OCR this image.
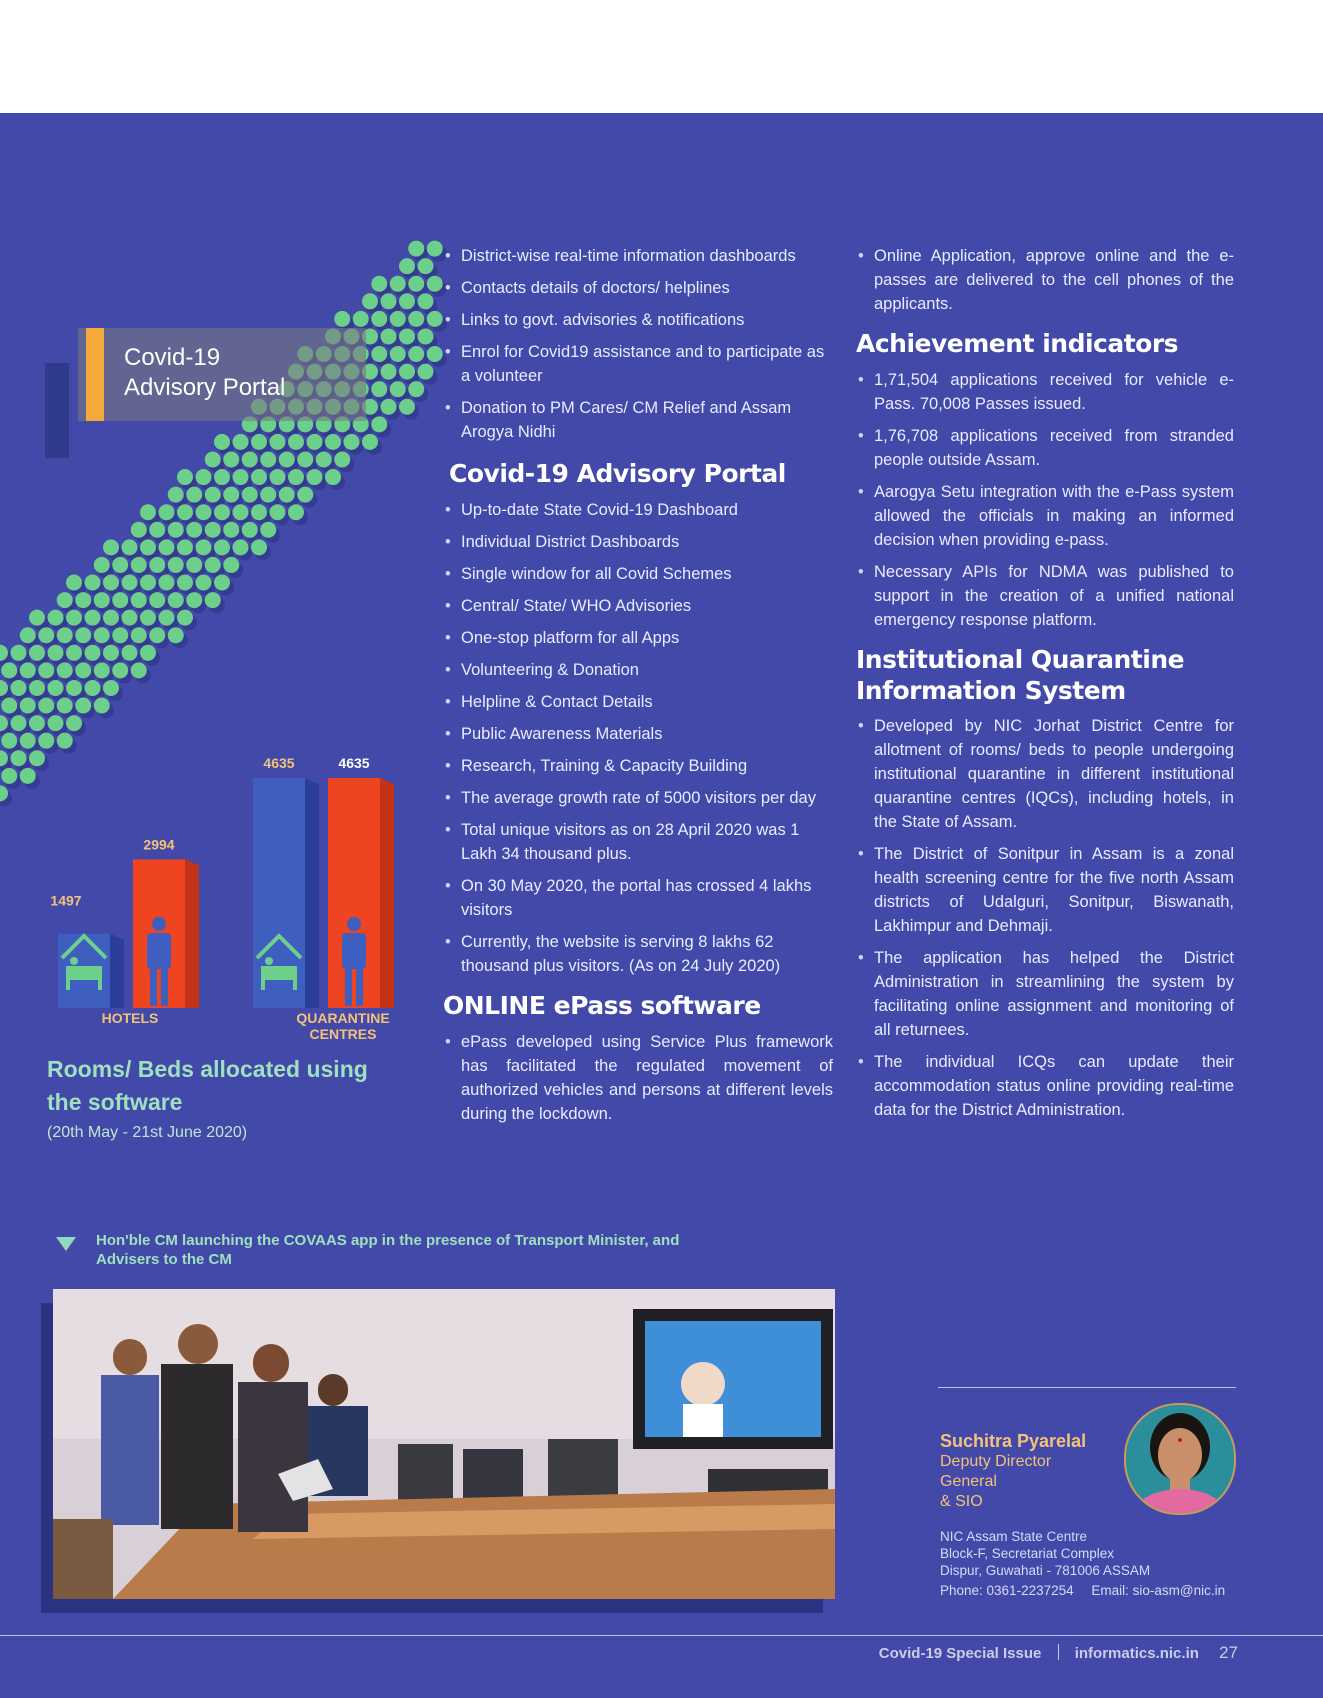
Covid-19
Advisory Portal
1497
2994
4635	4635
HOTELS	QUARANTINE CENTRES
Rooms/ Beds allocated using the software
(20th May - 21st June 2020)
• District-wise real-time information dashboards
• Contacts details of doctors/ helplines
• Links to govt. advisories & notifications
• Enrol for Covid19 assistance and to participate as a volunteer
• Donation to PM Cares/ CM Relief and Assam Arogya Nidhi
Covid-19 Advisory Portal
• Up-to-date State Covid-19 Dashboard
• Individual District Dashboards
• Single window for all Covid Schemes
• Central/ State/ WHO Advisories
• One-stop platform for all Apps
• Volunteering & Donation
• Helpline & Contact Details
• Public Awareness Materials
• Research, Training & Capacity Building
• The average growth rate of 5000 visitors per day
• Total unique visitors as on 28 April 2020 was 1 Lakh 34 thousand plus.
• On 30 May 2020, the portal has crossed 4 lakhs visitors
• Currently, the website is serving 8 lakhs 62 thousand plus visitors. (As on 24 July 2020)
ONLINE ePass software
• ePass developed using Service Plus framework has facilitated the regulated movement of authorized vehicles and persons at different levels during the lockdown.
• Online Application, approve online and the e-passes are delivered to the cell phones of the applicants.
Achievement indicators
• 1,71,504 applications received for vehicle e-Pass. 70,008 Passes issued.
• 1,76,708 applications received from stranded people outside Assam.
• Aarogya Setu integration with the e-Pass system allowed the officials in making an informed decision when providing e-pass.
• Necessary APIs for NDMA was published to support in the creation of a unified national emergency response platform.
Institutional Quarantine
Information System
• Developed by NIC Jorhat District Centre for allotment of rooms/ beds to people undergoing institutional quarantine in different institutional quarantine centres (IQCs), including hotels, in the State of Assam.
• The District of Sonitpur in Assam is a zonal health screening centre for the five north Assam districts of Udalguri, Sonitpur, Biswanath, Lakhimpur and Dehmaji.
• The application has helped the District Administration in streamlining the system by facilitating online assignment and monitoring of all returnees.
• The individual ICQs can update their accommodation status online providing real-time data for the District Administration.
Hon'ble CM launching the COVAAS app in the presence of Transport Minister, and Advisers to the CM
Suchitra Pyarelal
Deputy Director General
& SIO
NIC Assam State Centre
Block-F, Secretariat Complex
Dispur, Guwahati - 781006 ASSAM
Phone: 0361-2237254 Email: sio-asm@nic.in
Covid-19 Special Issue informatics.nic.in 27
